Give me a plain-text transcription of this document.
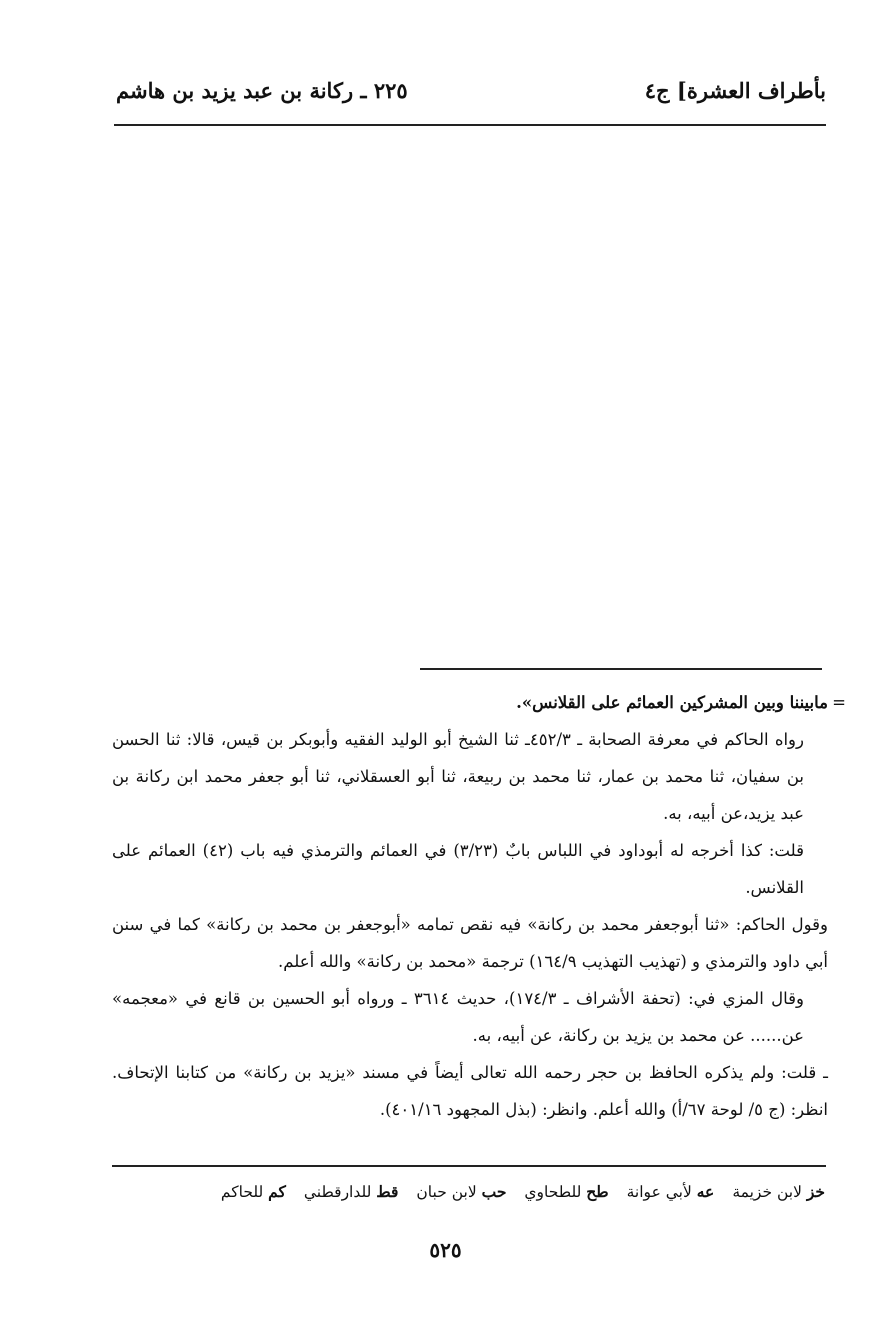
بأطراف العشرة] ج٤
٢٢٥ ـ ركانة بن عبد يزيد بن هاشم

=
مابيننا وبين المشركين العمائم على القلانس».

رواه الحاكم في معرفة الصحابة ـ ٤٥٢/٣ـ ثنا الشيخ أبو الوليد الفقيه وأبوبكر بن قيس، قالا: ثنا الحسن بن سفيان، ثنا محمد بن عمار، ثنا محمد بن ربيعة، ثنا أبو العسقلاني، ثنا أبو جعفر محمد ابن ركانة بن عبد يزيد،عن أبيه، به.

قلت: كذا أخرجه له أبوداود في اللباس بابٌ (٣/٢٣) في العمائم والترمذي فيه باب (٤٢) العمائم على القلانس.

وقول الحاكم: «ثنا أبوجعفر محمد بن ركانة» فيه نقص تمامه «أبوجعفر بن محمد بن ركانة» كما في سنن أبي داود والترمذي و (تهذيب التهذيب ١٦٤/٩) ترجمة «محمد بن ركانة» والله أعلم.

وقال المزي في: (تحفة الأشراف ـ ١٧٤/٣)، حديث ٣٦١٤ ـ ورواه أبو الحسين بن قانع في «معجمه» عن...... عن محمد بن يزيد بن ركانة، عن أبيه، به.

ـ قلت: ولم يذكره الحافظ بن حجر رحمه الله تعالى أيضاً في مسند «يزيد بن ركانة» من كتابنا الإتحاف. انظر: (ج ٥/ لوحة ٦٧/أ) والله أعلم. وانظر: (بذل المجهود ٤٠١/١٦).

خز لابن خزيمة
عه لأبي عوانة
طح للطحاوي
حب لابن حبان
قط للدارقطني
كم للحاكم
٥٢٥
